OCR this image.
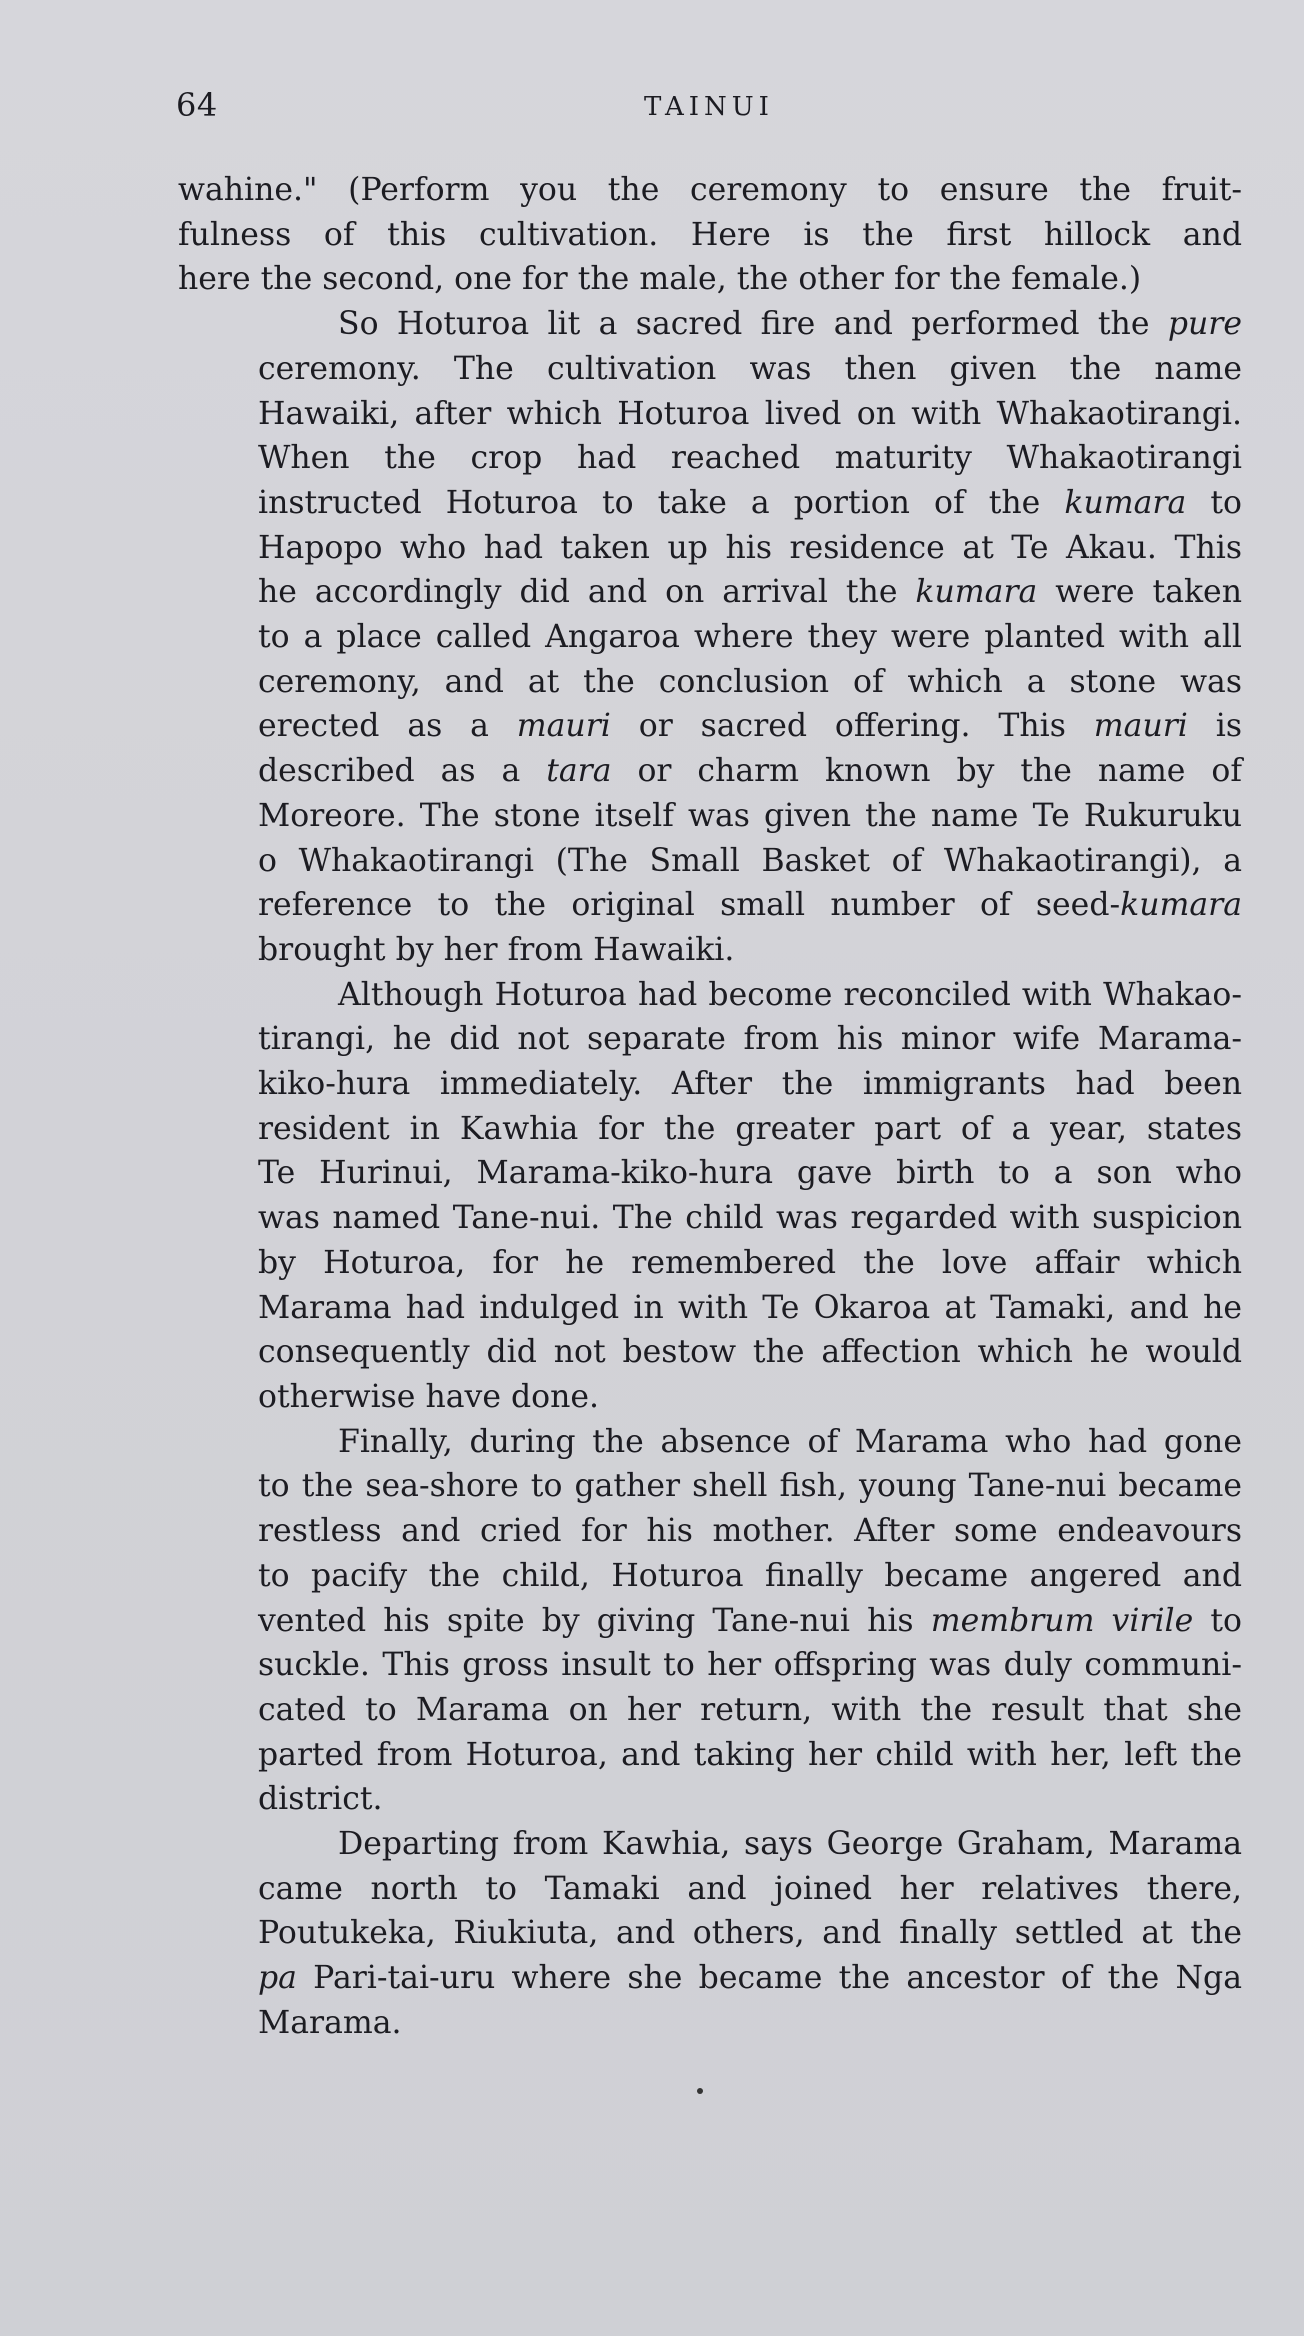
64	TAINUI

wahine." (Perform you the ceremony to ensure the fruit-
fulness of this cultivation. Here is the first hillock and
here the second, one for the male, the other for the female.)

So Hoturoa lit a sacred fire and performed the pure
ceremony. The cultivation was then given the name
Hawaiki, after which Hoturoa lived on with Whakaotirangi.
When the crop had reached maturity Whakaotirangi
instructed Hoturoa to take a portion of the kumara to
Hapopo who had taken up his residence at Te Akau. This
he accordingly did and on arrival the kumara were taken
to a place called Angaroa where they were planted with all
ceremony, and at the conclusion of which a stone was
erected as a mauri or sacred offering. This mauri is
described as a tara or charm known by the name of
Moreore. The stone itself was given the name Te Rukuruku
o Whakaotirangi (The Small Basket of Whakaotirangi), a
reference to the original small number of seed-kumara
brought by her from Hawaiki.

Although Hoturoa had become reconciled with Whakao-
tirangi, he did not separate from his minor wife Marama-
kiko-hura immediately. After the immigrants had been
resident in Kawhia for the greater part of a year, states
Te Hurinui, Marama-kiko-hura gave birth to a son who
was named Tane-nui. The child was regarded with suspicion
by Hoturoa, for he remembered the love affair which
Marama had indulged in with Te Okaroa at Tamaki, and he
consequently did not bestow the affection which he would
otherwise have done.

Finally, during the absence of Marama who had gone
to the sea-shore to gather shell fish, young Tane-nui became
restless and cried for his mother. After some endeavours
to pacify the child, Hoturoa finally became angered and
vented his spite by giving Tane-nui his membrum virile to
suckle. This gross insult to her offspring was duly communi-
cated to Marama on her return, with the result that she
parted from Hoturoa, and taking her child with her, left the
district.

Departing from Kawhia, says George Graham, Marama
came north to Tamaki and joined her relatives there,
Poutukeka, Riukiuta, and others, and finally settled at the
pa Pari-tai-uru where she became the ancestor of the Nga
Marama.
